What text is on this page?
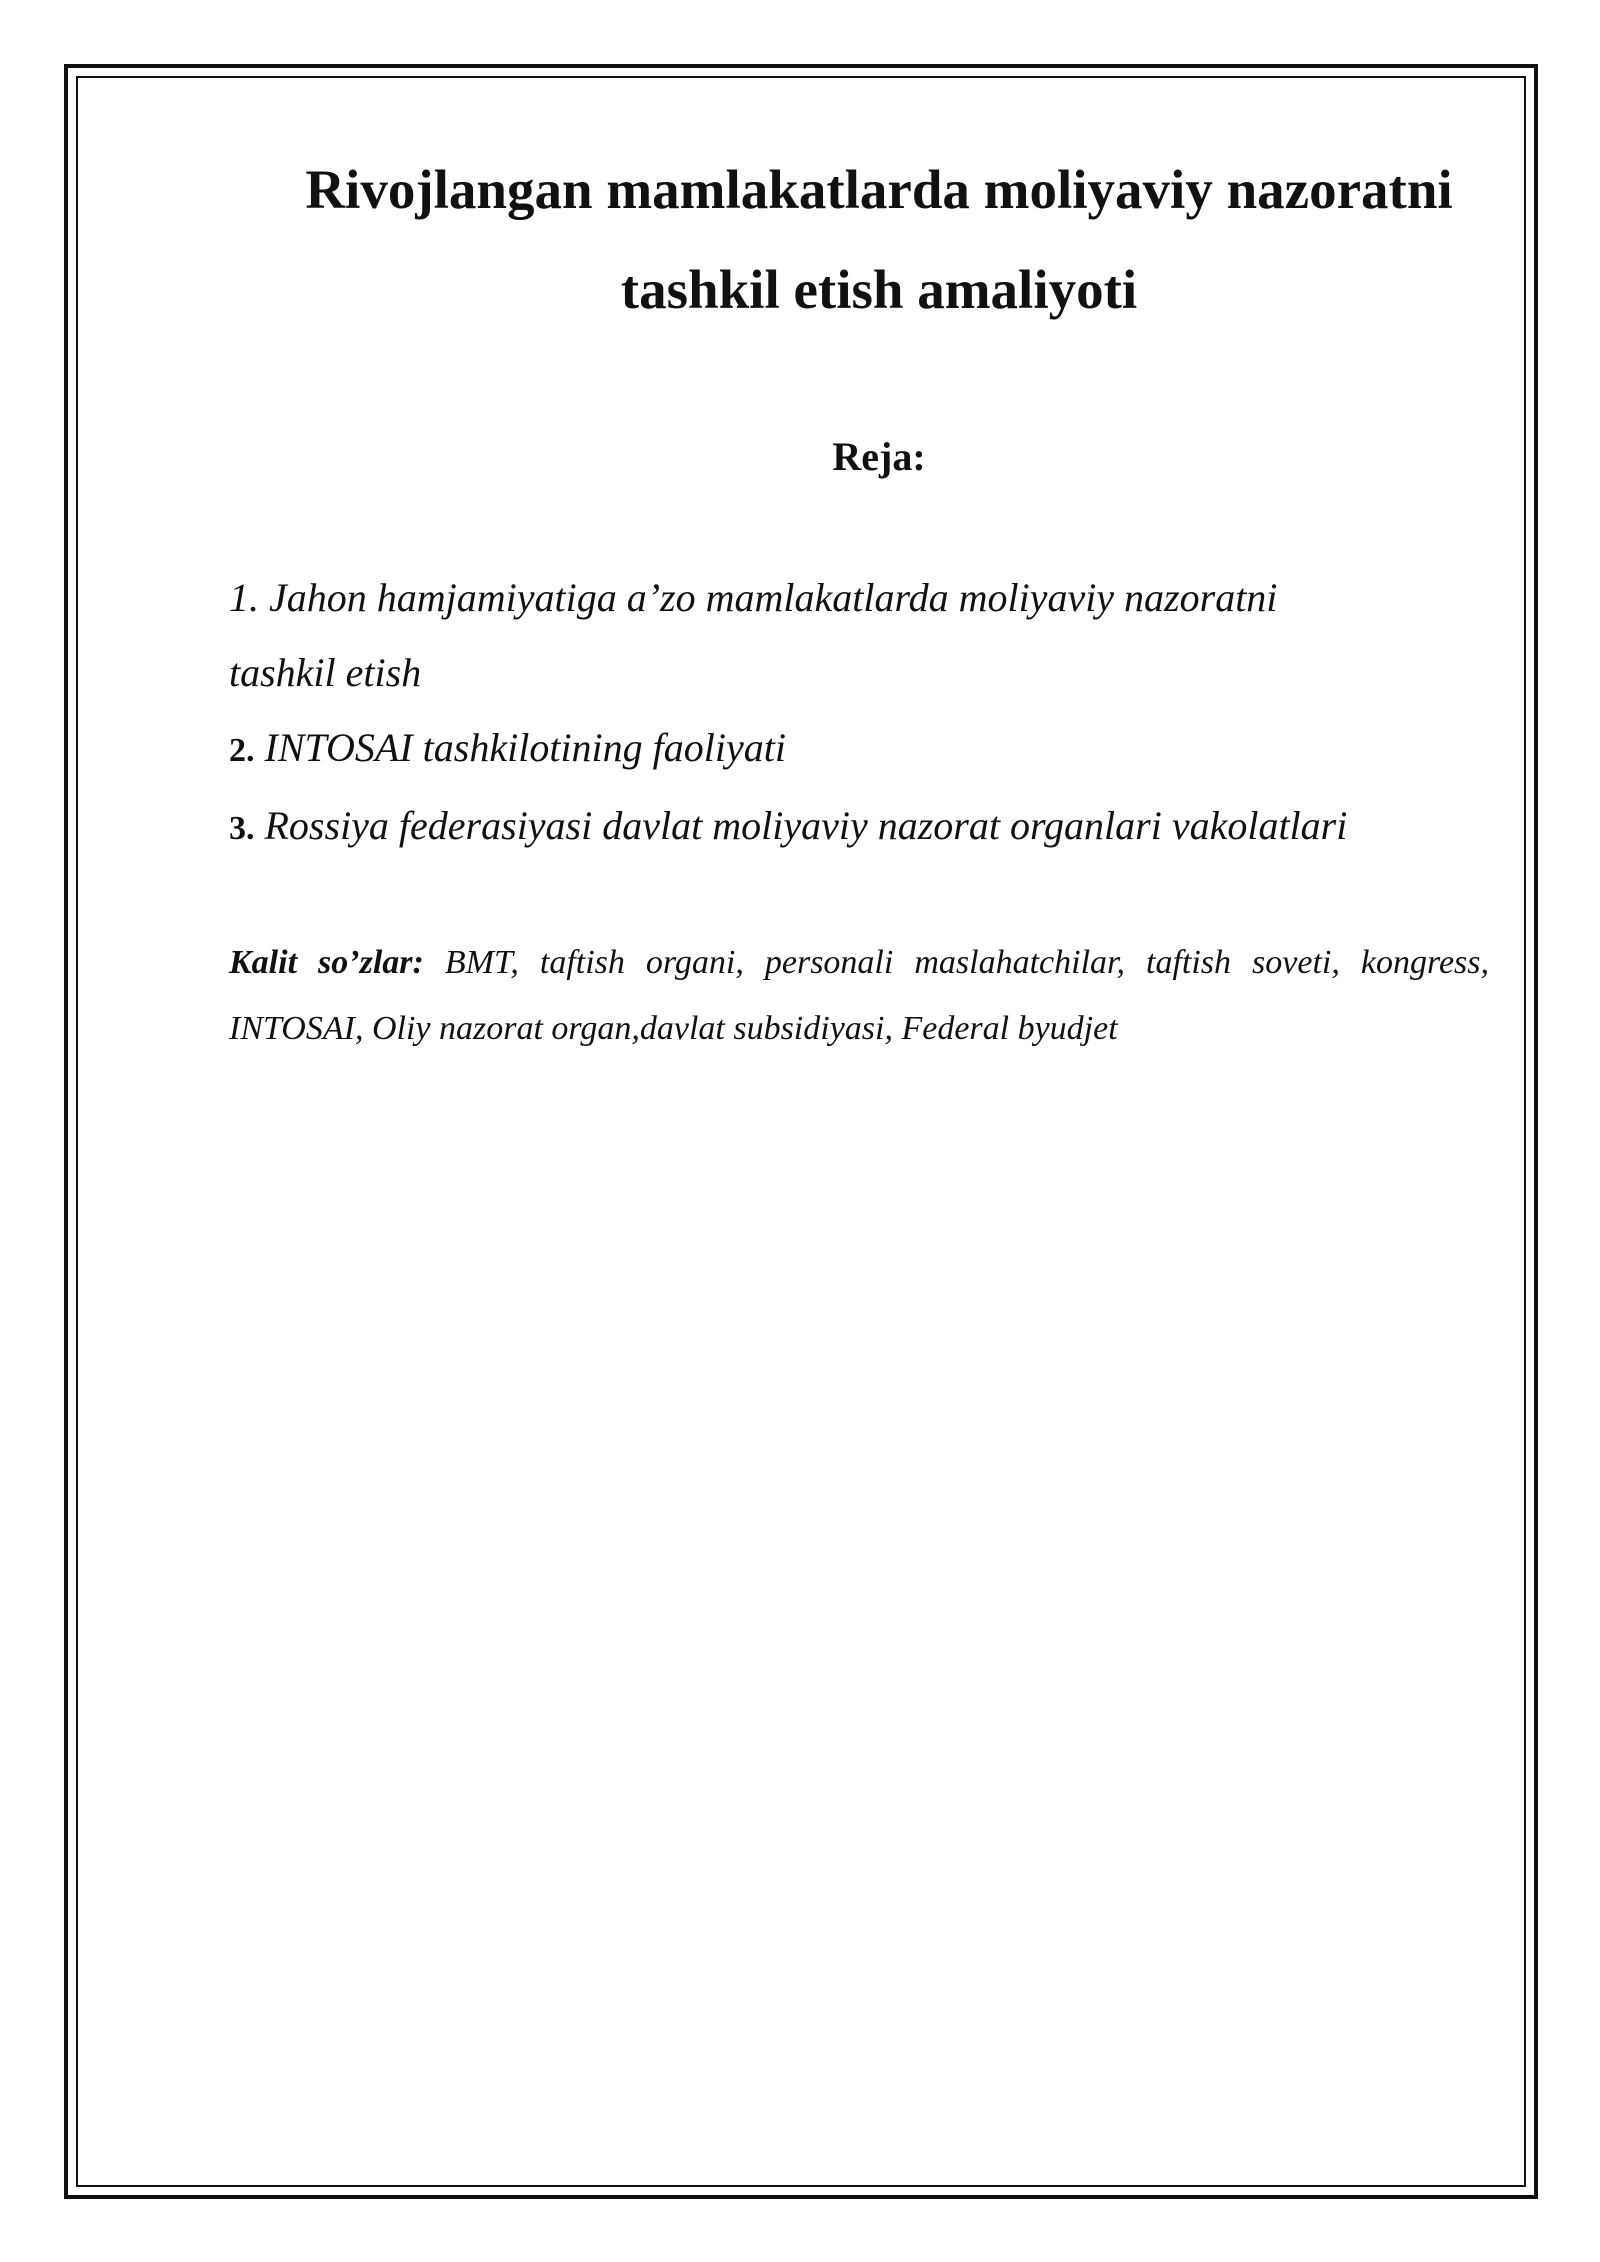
Rivojlangan mamlakatlarda moliyaviy nazoratni
tashkil etish amaliyoti
Reja:
1. Jahon hamjamiyatiga a’zo mamlakatlarda moliyaviy nazoratni
tashkil etish
2. INTOSAI tashkilotining faoliyati
3. Rossiya federasiyasi davlat moliyaviy nazorat organlari vakolatlari

Kalit so’zlar: BMT, taftish organi, personali maslahatchilar, taftish soveti, kongress, INTOSAI, Oliy nazorat organ,davlat subsidiyasi, Federal byudjet
